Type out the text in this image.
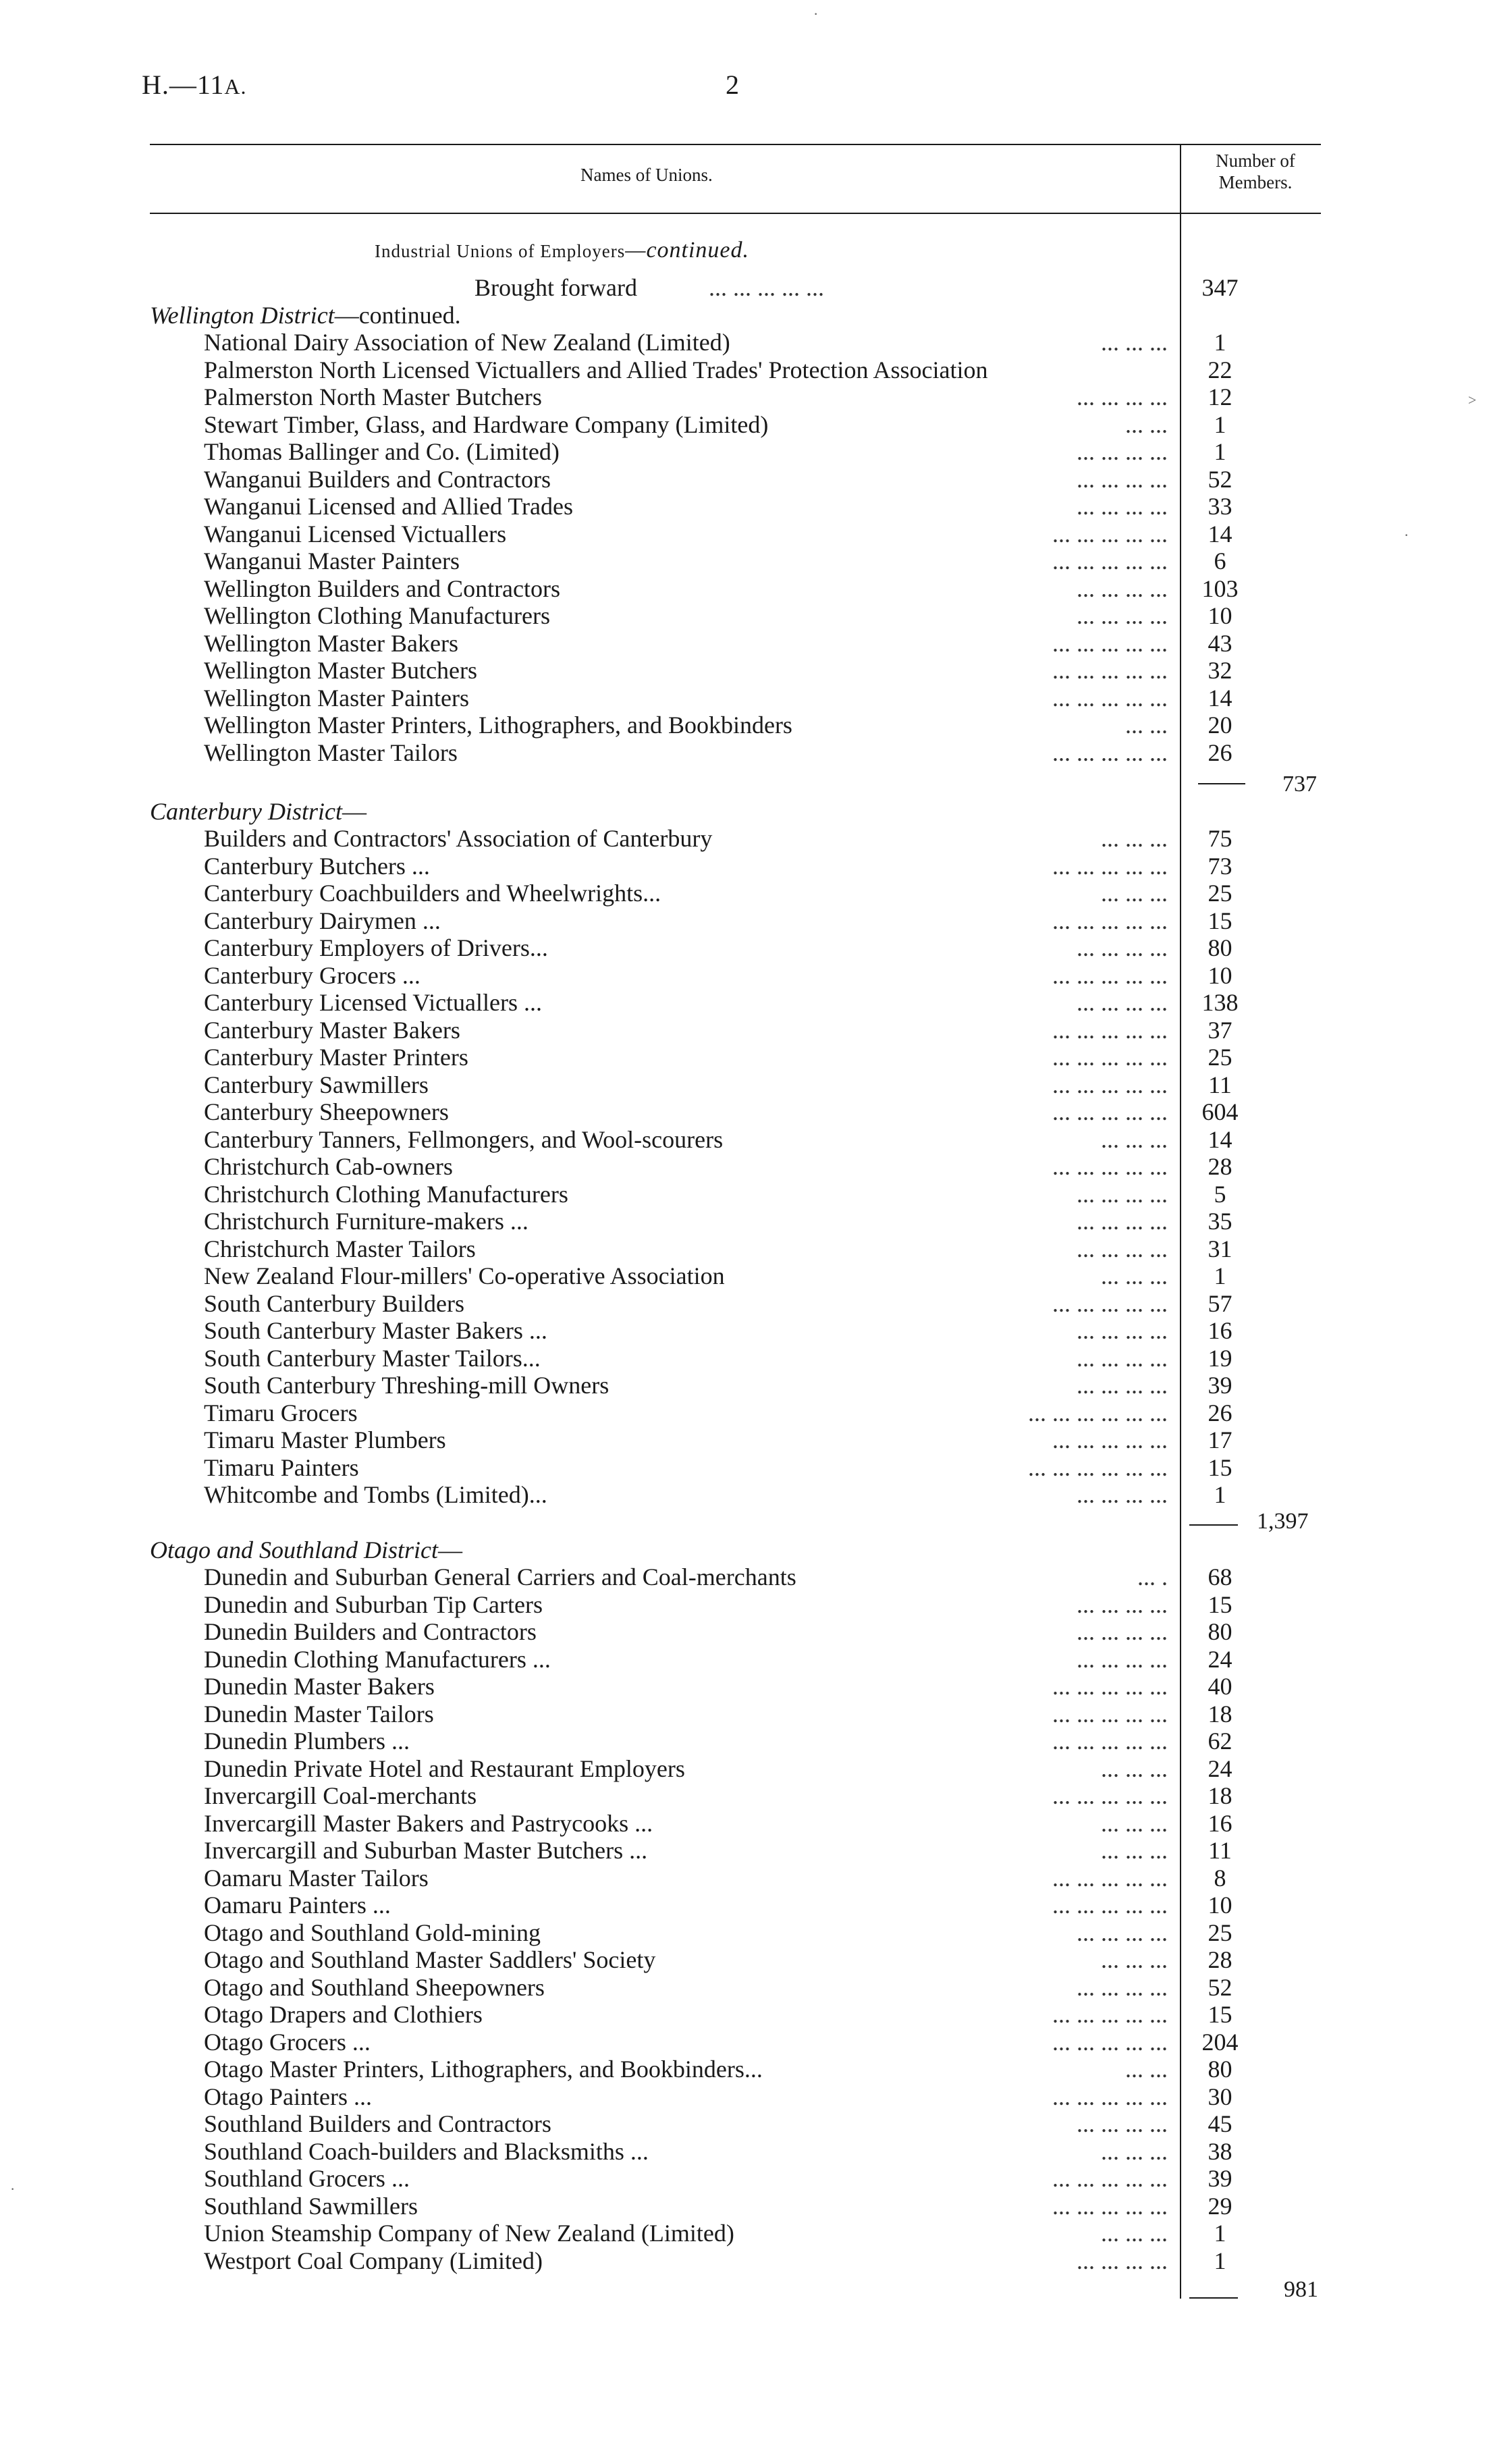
H.—11A.	2
Names of Unions.
Number of
Members.
Industrial Unions of Employers—continued.
Brought forward	... ... ... ... ...	347
Wellington District—continued.
National Dairy Association of New Zealand (Limited)	... ... ...	1
Palmerston North Licensed Victuallers and Allied Trades' Protection Association	22
Palmerston North Master Butchers	... ... ... ...	12
Stewart Timber, Glass, and Hardware Company (Limited)	... ...	1
Thomas Ballinger and Co. (Limited)	... ... ... ...	1
Wanganui Builders and Contractors	... ... ... ...	52
Wanganui Licensed and Allied Trades	... ... ... ...	33
Wanganui Licensed Victuallers	... ... ... ... ...	14
Wanganui Master Painters	... ... ... ... ...	6
Wellington Builders and Contractors	... ... ... ...	103
Wellington Clothing Manufacturers	... ... ... ...	10
Wellington Master Bakers	... ... ... ... ...	43
Wellington Master Butchers	... ... ... ... ...	32
Wellington Master Painters	... ... ... ... ...	14
Wellington Master Printers, Lithographers, and Bookbinders	... ...	20
Wellington Master Tailors	... ... ... ... ...	26
737
Canterbury District—
Builders and Contractors' Association of Canterbury	... ... ...	75
Canterbury Butchers ...	... ... ... ... ...	73
Canterbury Coachbuilders and Wheelwrights...	... ... ...	25
Canterbury Dairymen ...	... ... ... ... ...	15
Canterbury Employers of Drivers...	... ... ... ...	80
Canterbury Grocers ...	... ... ... ... ...	10
Canterbury Licensed Victuallers ...	... ... ... ...	138
Canterbury Master Bakers	... ... ... ... ...	37
Canterbury Master Printers	... ... ... ... ...	25
Canterbury Sawmillers	... ... ... ... ...	11
Canterbury Sheepowners	... ... ... ... ...	604
Canterbury Tanners, Fellmongers, and Wool-scourers	... ... ...	14
Christchurch Cab-owners	... ... ... ... ...	28
Christchurch Clothing Manufacturers	... ... ... ...	5
Christchurch Furniture-makers ...	... ... ... ...	35
Christchurch Master Tailors	... ... ... ...	31
New Zealand Flour-millers' Co-operative Association	... ... ...	1
South Canterbury Builders	... ... ... ... ...	57
South Canterbury Master Bakers ...	... ... ... ...	16
South Canterbury Master Tailors...	... ... ... ...	19
South Canterbury Threshing-mill Owners	... ... ... ...	39
Timaru Grocers	... ... ... ... ... ...	26
Timaru Master Plumbers	... ... ... ... ...	17
Timaru Painters	... ... ... ... ... ...	15
Whitcombe and Tombs (Limited)...	... ... ... ...	1
1,397
Otago and Southland District—
Dunedin and Suburban General Carriers and Coal-merchants	... .	68
Dunedin and Suburban Tip Carters	... ... ... ...	15
Dunedin Builders and Contractors	... ... ... ...	80
Dunedin Clothing Manufacturers ...	... ... ... ...	24
Dunedin Master Bakers	... ... ... ... ...	40
Dunedin Master Tailors	... ... ... ... ...	18
Dunedin Plumbers ...	... ... ... ... ...	62
Dunedin Private Hotel and Restaurant Employers	... ... ...	24
Invercargill Coal-merchants	... ... ... ... ...	18
Invercargill Master Bakers and Pastrycooks ...	... ... ...	16
Invercargill and Suburban Master Butchers ...	... ... ...	11
Oamaru Master Tailors	... ... ... ... ...	8
Oamaru Painters ...	... ... ... ... ...	10
Otago and Southland Gold-mining	... ... ... ...	25
Otago and Southland Master Saddlers' Society	... ... ...	28
Otago and Southland Sheepowners	... ... ... ...	52
Otago Drapers and Clothiers	... ... ... ... ...	15
Otago Grocers ...	... ... ... ... ...	204
Otago Master Printers, Lithographers, and Bookbinders...	... ...	80
Otago Painters ...	... ... ... ... ...	30
Southland Builders and Contractors	... ... ... ...	45
Southland Coach-builders and Blacksmiths ...	... ... ...	38
Southland Grocers ...	... ... ... ... ...	39
Southland Sawmillers	... ... ... ... ...	29
Union Steamship Company of New Zealand (Limited)	... ... ...	1
Westport Coal Company (Limited)	... ... ... ...	1
981
·
>
·
·
